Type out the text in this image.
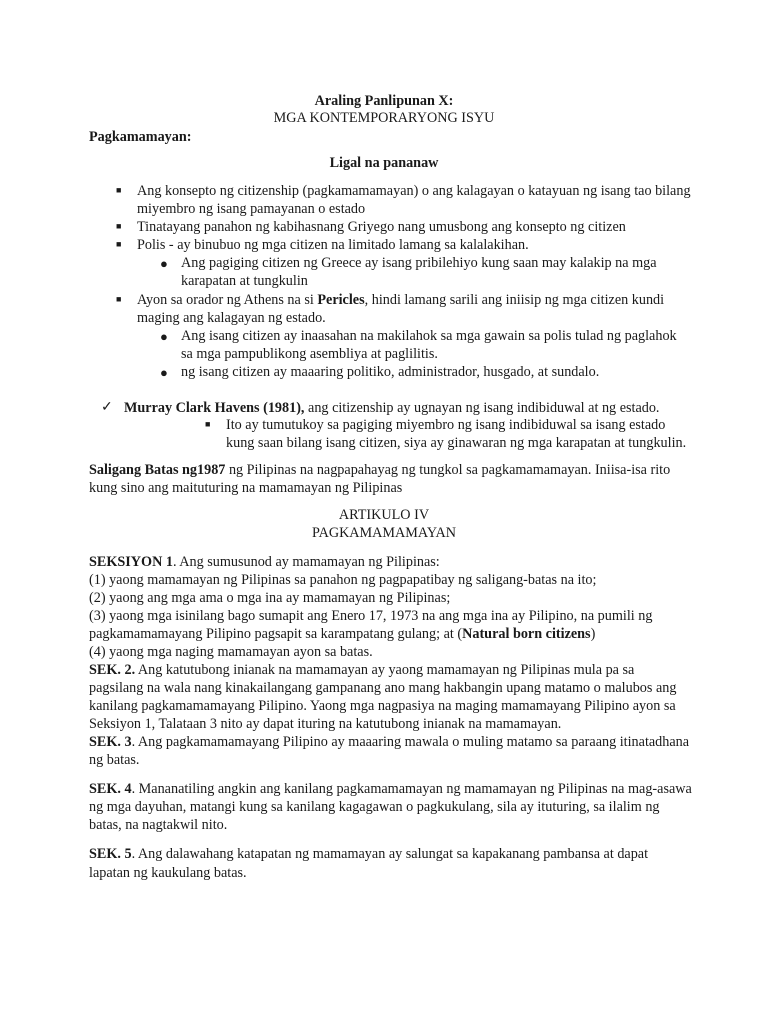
Araling Panlipunan X:
MGA KONTEMPORARYONG ISYU
Pagkamamayan:
Ligal na pananaw
■ Ang konsepto ng citizenship (pagkamamamayan) o ang kalagayan o katayuan ng isang tao bilang
miyembro ng isang pamayanan o estado
■ Tinatayang panahon ng kabihasnang Griyego nang umusbong ang konsepto ng citizen
■ Polis - ay binubuo ng mga citizen na limitado lamang sa kalalakihan.
● Ang pagiging citizen ng Greece ay isang pribilehiyo kung saan may kalakip na mga
karapatan at tungkulin
■ Ayon sa orador ng Athens na si Pericles, hindi lamang sarili ang iniisip ng mga citizen kundi
maging ang kalagayan ng estado.
● Ang isang citizen ay inaasahan na makilahok sa mga gawain sa polis tulad ng paglahok
sa mga pampublikong asembliya at paglilitis.
● ng isang citizen ay maaaring politiko, administrador, husgado, at sundalo.
✓ Murray Clark Havens (1981), ang citizenship ay ugnayan ng isang indibiduwal at ng estado.
■ Ito ay tumutukoy sa pagiging miyembro ng isang indibiduwal sa isang estado
kung saan bilang isang citizen, siya ay ginawaran ng mga karapatan at tungkulin.
Saligang Batas ng1987 ng Pilipinas na nagpapahayag ng tungkol sa pagkamamamayan. Iniisa-isa rito
kung sino ang maituturing na mamamayan ng Pilipinas
ARTIKULO IV
PAGKAMAMAMAYAN
SEKSIYON 1. Ang sumusunod ay mamamayan ng Pilipinas:
(1) yaong mamamayan ng Pilipinas sa panahon ng pagpapatibay ng saligang-batas na ito;
(2) yaong ang mga ama o mga ina ay mamamayan ng Pilipinas;
(3) yaong mga isinilang bago sumapit ang Enero 17, 1973 na ang mga ina ay Pilipino, na pumili ng
pagkamamamayang Pilipino pagsapit sa karampatang gulang; at (Natural born citizens)
(4) yaong mga naging mamamayan ayon sa batas.
SEK. 2. Ang katutubong inianak na mamamayan ay yaong mamamayan ng Pilipinas mula pa sa
pagsilang na wala nang kinakailangang gampanang ano mang hakbangin upang matamo o malubos ang
kanilang pagkamamamayang Pilipino. Yaong mga nagpasiya na maging mamamayang Pilipino ayon sa
Seksiyon 1, Talataan 3 nito ay dapat ituring na katutubong inianak na mamamayan.
SEK. 3. Ang pagkamamamayang Pilipino ay maaaring mawala o muling matamo sa paraang itinatadhana
ng batas.
SEK. 4. Mananatiling angkin ang kanilang pagkamamamayan ng mamamayan ng Pilipinas na mag-asawa
ng mga dayuhan, matangi kung sa kanilang kagagawan o pagkukulang, sila ay ituturing, sa ilalim ng
batas, na nagtakwil nito.
SEK. 5. Ang dalawahang katapatan ng mamamayan ay salungat sa kapakanang pambansa at dapat
lapatan ng kaukulang batas.
